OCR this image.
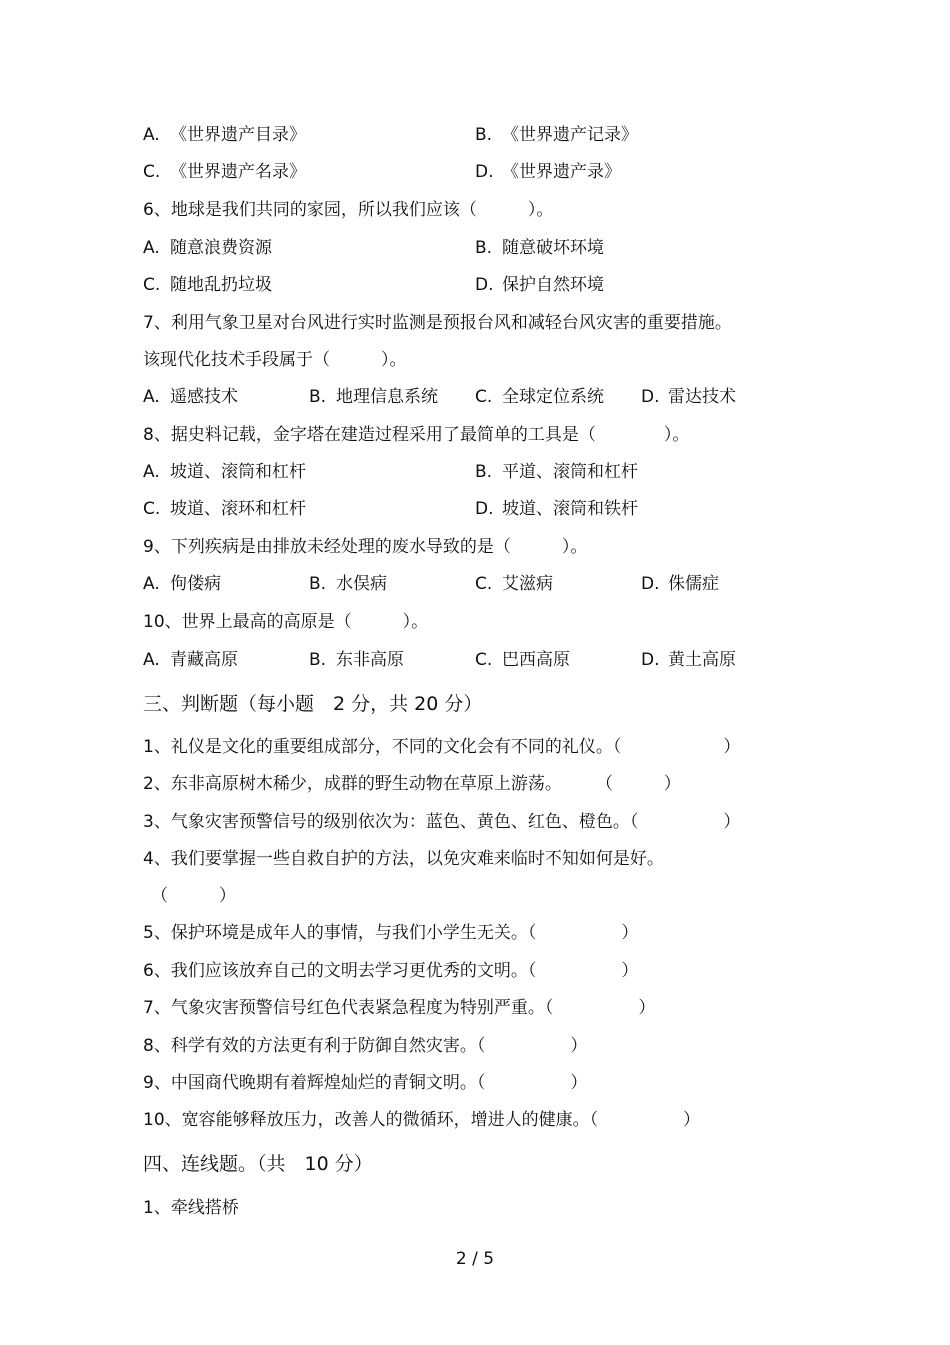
A. 《世界遗产目录》	B. 《世界遗产记录》
C. 《世界遗产名录》	D. 《世界遗产录》
6、地球是我们共同的家园，所以我们应该（　　　）。
A. 随意浪费资源	B. 随意破坏环境
C. 随地乱扔垃圾	D. 保护自然环境
7、利用气象卫星对台风进行实时监测是预报台风和减轻台风灾害的重要措施。
该现代化技术手段属于（　　　）。
A. 遥感技术	B. 地理信息系统 C. 全球定位系统 D. 雷达技术
8、据史料记载，金字塔在建造过程采用了最简单的工具是（　　　　）。
A. 坡道、滚筒和杠杆	B. 平道、滚筒和杠杆
C. 坡道、滚环和杠杆	D. 坡道、滚筒和铁杆
9、下列疾病是由排放未经处理的废水导致的是（　　　）。
A. 佝偻病	B. 水俣病	C. 艾滋病	D. 侏儒症
10、世界上最高的高原是（　　　）。
A. 青藏高原	B. 东非高原	C. 巴西高原	D. 黄土高原
三、判断题（每小题　2 分，共 20 分）
1、礼仪是文化的重要组成部分，不同的文化会有不同的礼仪。（　　　　　　）
2、东非高原树木稀少，成群的野生动物在草原上游荡。　　　（　　　）
3、气象灾害预警信号的级别依次为：蓝色、黄色、红色、橙色。（　　　　　）
4、我们要掌握一些自救自护的方法，以免灾难来临时不知如何是好。
（　　　）
5、保护环境是成年人的事情，与我们小学生无关。（　　　　　）
6、我们应该放弃自己的文明去学习更优秀的文明。（　　　　　）
7、气象灾害预警信号红色代表紧急程度为特别严重。（　　　　　）
8、科学有效的方法更有利于防御自然灾害。（　　　　　）
9、中国商代晚期有着辉煌灿烂的青铜文明。（　　　　　）
10、宽容能够释放压力，改善人的微循环，增进人的健康。（　　　　　）
四、连线题。（共　10 分）
1、牵线搭桥
2 / 5
